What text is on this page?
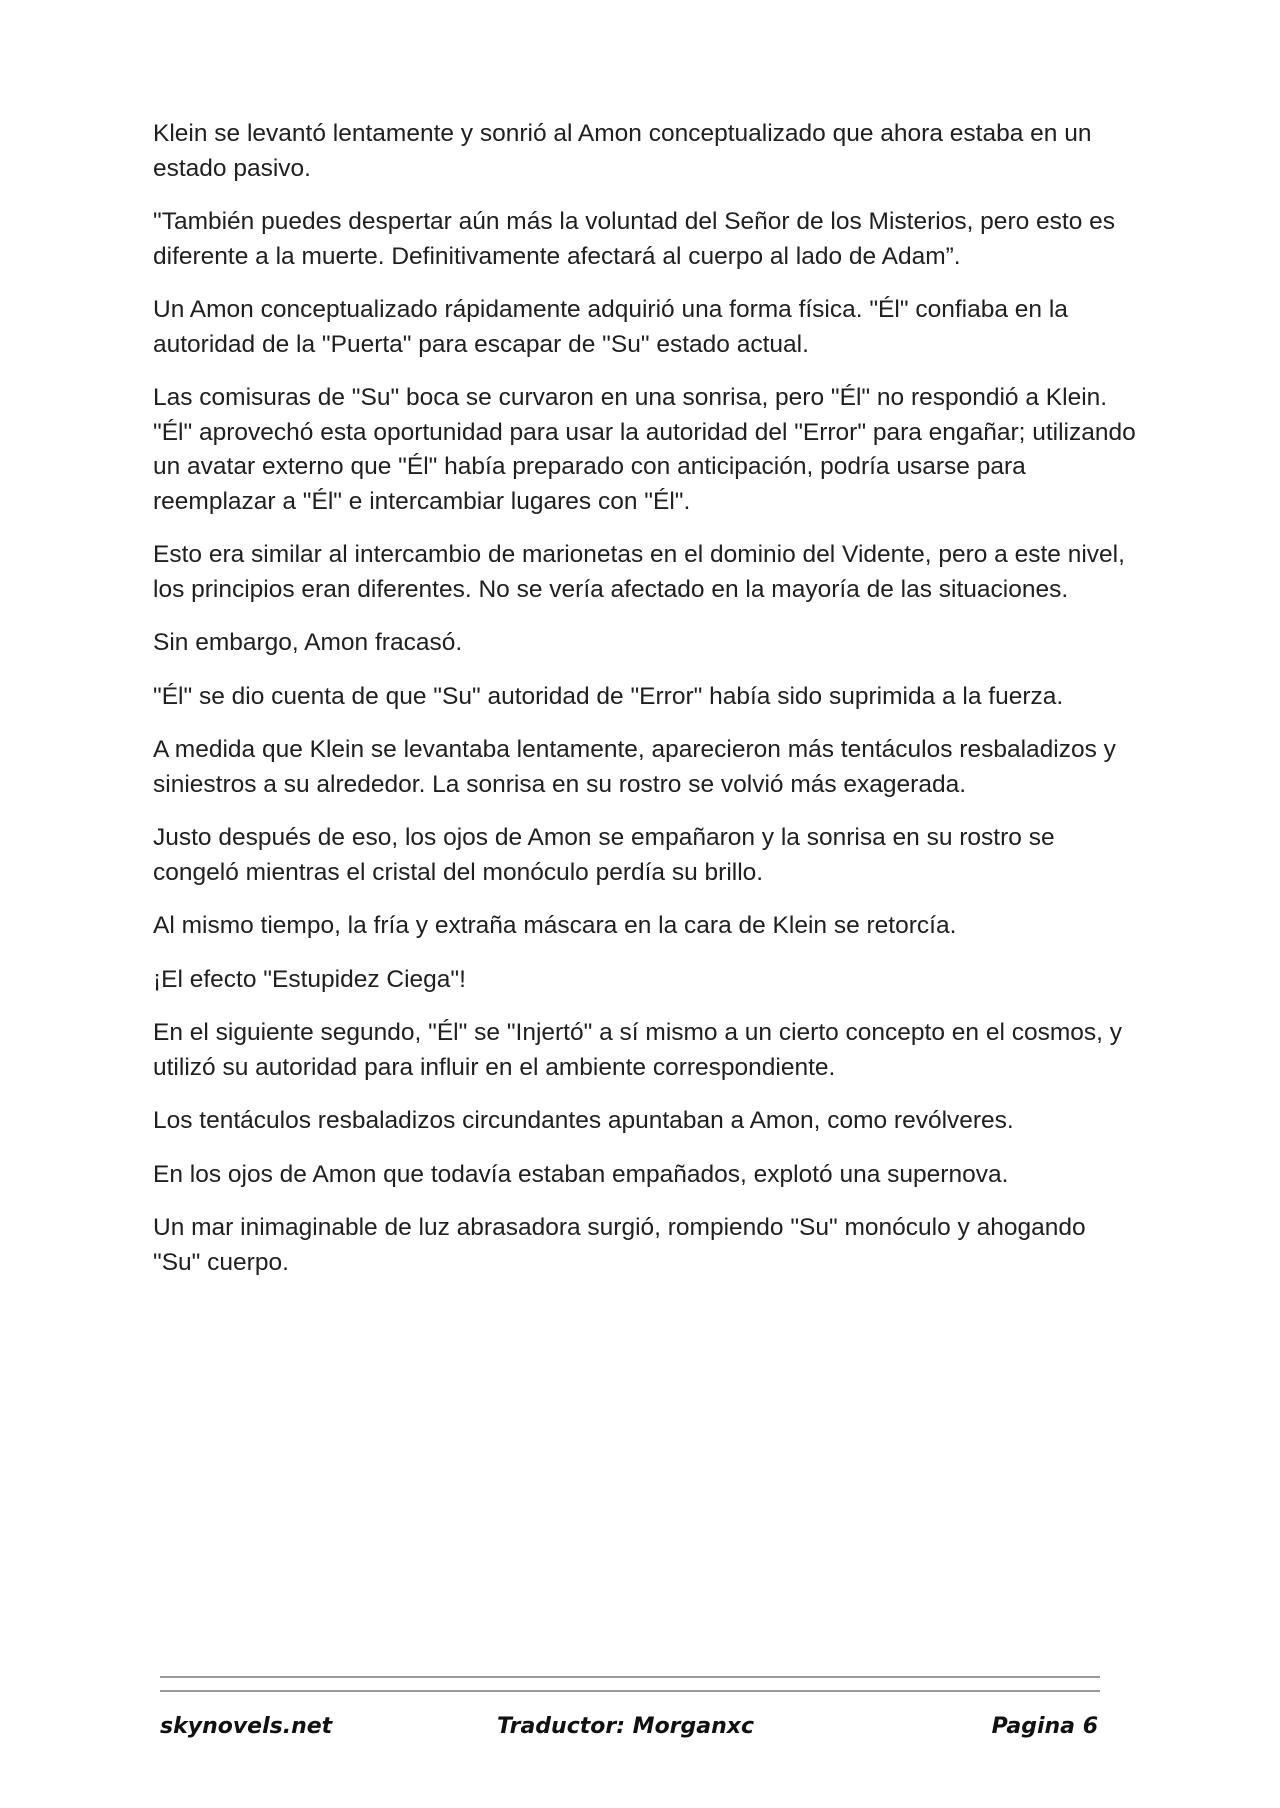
Klein se levantó lentamente y sonrió al Amon conceptualizado que ahora estaba en un estado pasivo.

"También puedes despertar aún más la voluntad del Señor de los Misterios, pero esto es diferente a la muerte. Definitivamente afectará al cuerpo al lado de Adam”.

Un Amon conceptualizado rápidamente adquirió una forma física. "Él" confiaba en la autoridad de la "Puerta" para escapar de "Su" estado actual.

Las comisuras de "Su" boca se curvaron en una sonrisa, pero "Él" no respondió a Klein. "Él" aprovechó esta oportunidad para usar la autoridad del "Error" para engañar; utilizando un avatar externo que "Él" había preparado con anticipación, podría usarse para reemplazar a "Él" e intercambiar lugares con "Él".

Esto era similar al intercambio de marionetas en el dominio del Vidente, pero a este nivel, los principios eran diferentes. No se vería afectado en la mayoría de las situaciones.

Sin embargo, Amon fracasó.

"Él" se dio cuenta de que "Su" autoridad de "Error" había sido suprimida a la fuerza.

A medida que Klein se levantaba lentamente, aparecieron más tentáculos resbaladizos y siniestros a su alrededor. La sonrisa en su rostro se volvió más exagerada.

Justo después de eso, los ojos de Amon se empañaron y la sonrisa en su rostro se congeló mientras el cristal del monóculo perdía su brillo.

Al mismo tiempo, la fría y extraña máscara en la cara de Klein se retorcía.

¡El efecto "Estupidez Ciega"!

En el siguiente segundo, "Él" se "Injertó" a sí mismo a un cierto concepto en el cosmos, y utilizó su autoridad para influir en el ambiente correspondiente.

Los tentáculos resbaladizos circundantes apuntaban a Amon, como revólveres.

En los ojos de Amon que todavía estaban empañados, explotó una supernova.

Un mar inimaginable de luz abrasadora surgió, rompiendo "Su" monóculo y ahogando "Su" cuerpo.

skynovels.net	Traductor: Morganxc	Pagina 6
